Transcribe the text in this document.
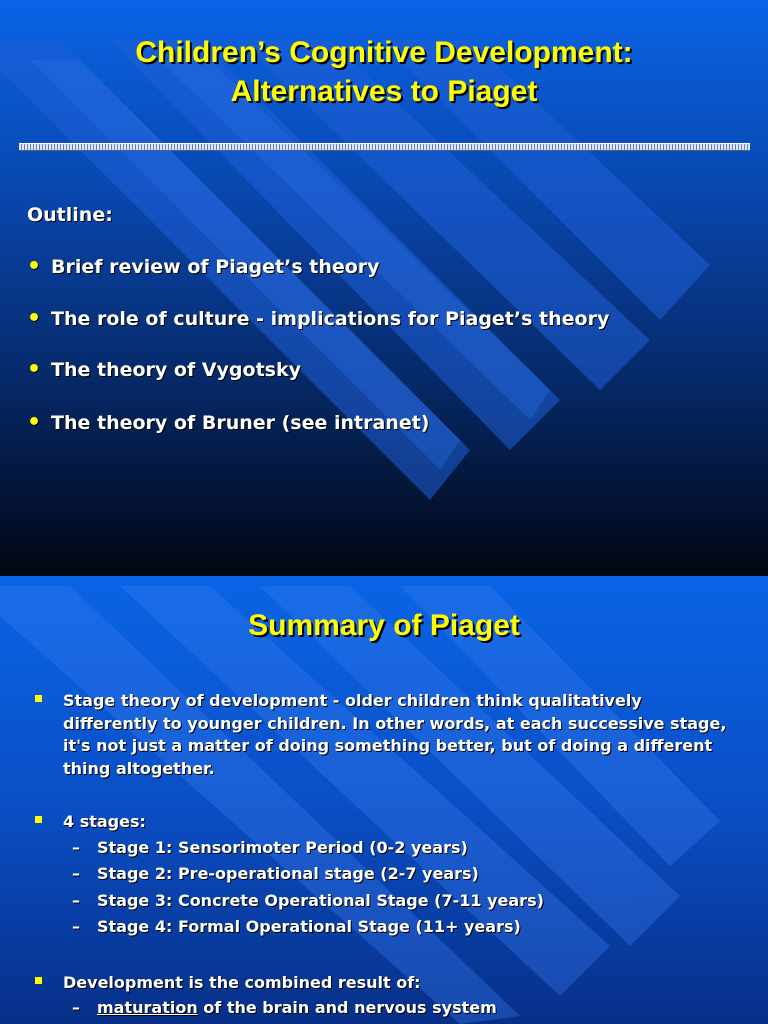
Children’s Cognitive Development:
Alternatives to Piaget
Outline:
• Brief review of Piaget’s theory
• The role of culture - implications for Piaget’s theory
• The theory of Vygotsky
• The theory of Bruner (see intranet)
Summary of Piaget
Stage theory of development - older children think qualitatively differently to younger children. In other words, at each successive stage, it's not just a matter of doing something better, but of doing a different thing altogether.
4 stages:
– Stage 1: Sensorimoter Period (0-2 years)
– Stage 2: Pre-operational stage (2-7 years)
– Stage 3: Concrete Operational Stage (7-11 years)
– Stage 4: Formal Operational Stage (11+ years)
Development is the combined result of:
– maturation of the brain and nervous system
